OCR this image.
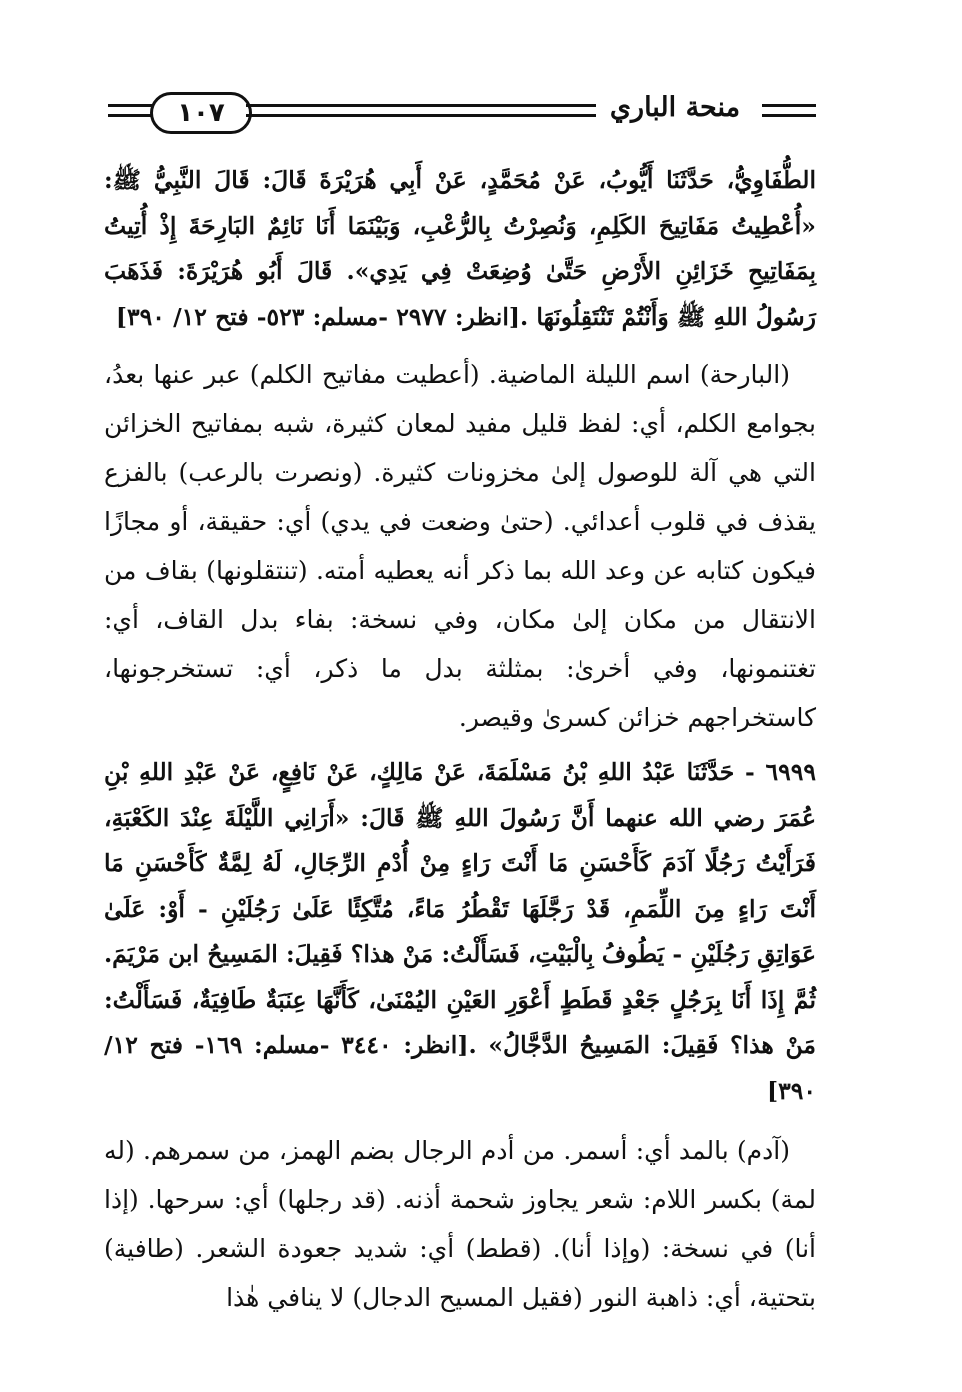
١٠٧	منحة الباري

الطُّفَاوِيُّ، حَدَّثَنَا أَيُّوبُ، عَنْ مُحَمَّدٍ، عَنْ أَبِي هُرَيْرَةَ قَالَ: قَالَ النَّبِيُّ ﷺ: «أُعْطِيتُ مَفَاتِيحَ الكَلِمِ، وَنُصِرْتُ بِالرُّعْبِ، وَبَيْنَمَا أَنَا نَائِمٌ البَارِحَةَ إِذْ أُتِيتُ بِمَفَاتِيحِ خَزَائِنِ الأَرْضِ حَتَّىٰ وُضِعَتْ فِي يَدِي». قَالَ أَبُو هُرَيْرَةَ: فَذَهَبَ رَسُولُ اللهِ ﷺ وَأَنْتُمْ تَنْتَقِلُونَهَا .[انظر: ٢٩٧٧ -مسلم: ٥٢٣- فتح ١٢/ ٣٩٠]

(البارحة) اسم الليلة الماضية. (أعطيت مفاتيح الكلم) عبر عنها بعدُ، بجوامع الكلم، أي: لفظ قليل مفيد لمعان كثيرة، شبه بمفاتيح الخزائن التي هي آلة للوصول إلىٰ مخزونات كثيرة. (ونصرت بالرعب) بالفزع يقذف في قلوب أعدائي. (حتىٰ وضعت في يدي) أي: حقيقة، أو مجازًا فيكون كتابه عن وعد الله بما ذكر أنه يعطيه أمته. (تنتقلونها) بقاف من الانتقال من مكان إلىٰ مكان، وفي نسخة: بفاء بدل القاف، أي: تغتنمونها، وفي أخرىٰ: بمثلثة بدل ما ذكر، أي: تستخرجونها، كاستخراجهم خزائن كسرىٰ وقيصر.

٦٩٩٩ - حَدَّثَنَا عَبْدُ اللهِ بْنُ مَسْلَمَةَ، عَنْ مَالِكٍ، عَنْ نَافِعٍ، عَنْ عَبْدِ اللهِ بْنِ عُمَرَ رضي الله عنهما أَنَّ رَسُولَ اللهِ ﷺ قَالَ: «أَرَانِي اللَّيْلَةَ عِنْدَ الكَعْبَةِ، فَرَأَيْتُ رَجُلًا آدَمَ كَأَحْسَنِ مَا أَنْتَ رَاءٍ مِنْ أُدْمِ الرِّجَالِ، لَهُ لِمَّةٌ كَأَحْسَنِ مَا أَنْتَ رَاءٍ مِنَ اللِّمَمِ، قَدْ رَجَّلَهَا تَقْطُرُ مَاءً، مُتَّكِئًا عَلَىٰ رَجُلَيْنِ - أَوْ: عَلَىٰ عَوَاتِقِ رَجُلَيْنِ - يَطُوفُ بِالْبَيْتِ، فَسَأَلْتُ: مَنْ هذا؟ فَقِيلَ: المَسِيحُ ابن مَرْيَمَ. ثُمَّ إِذَا أَنَا بِرَجُلٍ جَعْدٍ قَطَطٍ أَعْوَرِ العَيْنِ اليُمْنَىٰ، كَأَنَّهَا عِنَبَةٌ طَافِيَةٌ، فَسَأَلْتُ: مَنْ هذا؟ فَقِيلَ: المَسِيحُ الدَّجَّالُ» .[انظر: ٣٤٤٠ -مسلم: ١٦٩- فتح ١٢/ ٣٩٠]

(آدم) بالمد أي: أسمر. من أدم الرجال بضم الهمز، من سمرهم. (له لمة) بكسر اللام: شعر يجاوز شحمة أذنه. (قد رجلها) أي: سرحها. (إذا أنا) في نسخة: (وإذا أنا). (قطط) أي: شديد جعودة الشعر. (طافية) بتحتية، أي: ذاهبة النور (فقيل المسيح الدجال) لا ينافي هٰذا
